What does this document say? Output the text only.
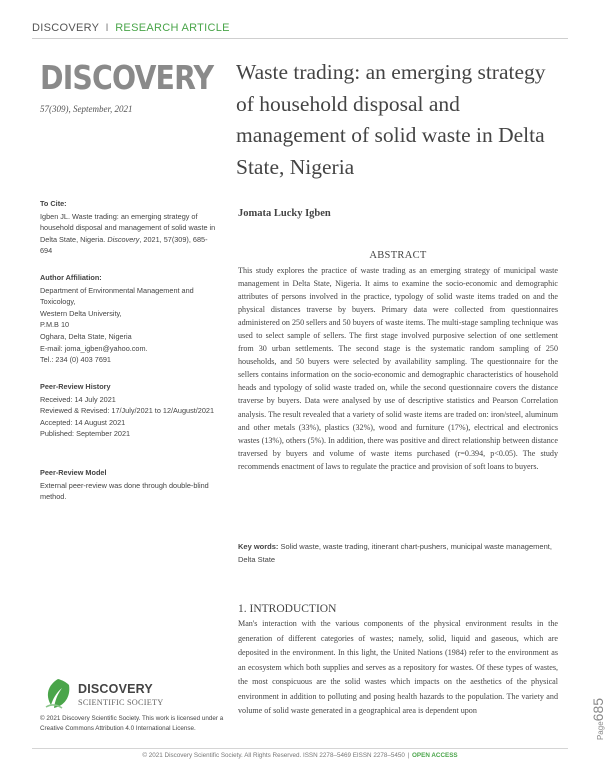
DISCOVERY I RESEARCH ARTICLE
DISCOVERY
57(309), September, 2021
Waste trading: an emerging strategy of household disposal and management of solid waste in Delta State, Nigeria
Jomata Lucky Igben
To Cite:
Igben JL. Waste trading: an emerging strategy of household disposal and management of solid waste in Delta State, Nigeria. Discovery, 2021, 57(309), 685-694
Author Affiliation:
Department of Environmental Management and Toxicology,
Western Delta University,
P.M.B 10
Oghara, Delta State, Nigeria
E-mail: joma_igben@yahoo.com.
Tel.: 234 (0) 403 7691
Peer-Review History
Received: 14 July 2021
Reviewed & Revised: 17/July/2021 to 12/August/2021
Accepted: 14 August 2021
Published: September 2021
Peer-Review Model
External peer-review was done through double-blind method.
ABSTRACT
This study explores the practice of waste trading as an emerging strategy of municipal waste management in Delta State, Nigeria. It aims to examine the socio-economic and demographic attributes of persons involved in the practice, typology of solid waste items traded on and the physical distances traverse by buyers. Primary data were collected from questionnaires administered on 250 sellers and 50 buyers of waste items. The multi-stage sampling technique was used to select sample of sellers. The first stage involved purposive selection of one settlement from 30 urban settlements. The second stage is the systematic random sampling of 250 households, and 50 buyers were selected by availability sampling. The questionnaire for the sellers contains information on the socio-economic and demographic characteristics of household heads and typology of solid waste traded on, while the second questionnaire covers the distance traverse by buyers. Data were analysed by use of descriptive statistics and Pearson Correlation analysis. The result revealed that a variety of solid waste items are traded on: iron/steel, aluminum and other metals (33%), plastics (32%), wood and furniture (17%), electrical and electronics wastes (13%), others (5%). In addition, there was positive and direct relationship between distance traversed by buyers and volume of waste items purchased (r=0.394, p<0.05). The study recommends enactment of laws to regulate the practice and provision of soft loans to buyers.
Key words: Solid waste, waste trading, itinerant chart-pushers, municipal waste management, Delta State
1. INTRODUCTION
Man's interaction with the various components of the physical environment results in the generation of different categories of wastes; namely, solid, liquid and gaseous, which are deposited in the environment. In this light, the United Nations (1984) refer to the environment as an ecosystem which both supplies and serves as a repository for wastes. Of these types of wastes, the most conspicuous are the solid wastes which impacts on the aesthetics of the physical environment in addition to polluting and posing health hazards to the population. The variety and volume of solid waste generated in a geographical area is dependent upon
DISCOVERY
SCIENTIFIC SOCIETY
© 2021 Discovery Scientific Society. This work is licensed under a Creative Commons Attribution 4.0 International License.	Page685
© 2021 Discovery Scientific Society. All Rights Reserved. ISSN 2278–5469 EISSN 2278–5450 | OPEN ACCESS
